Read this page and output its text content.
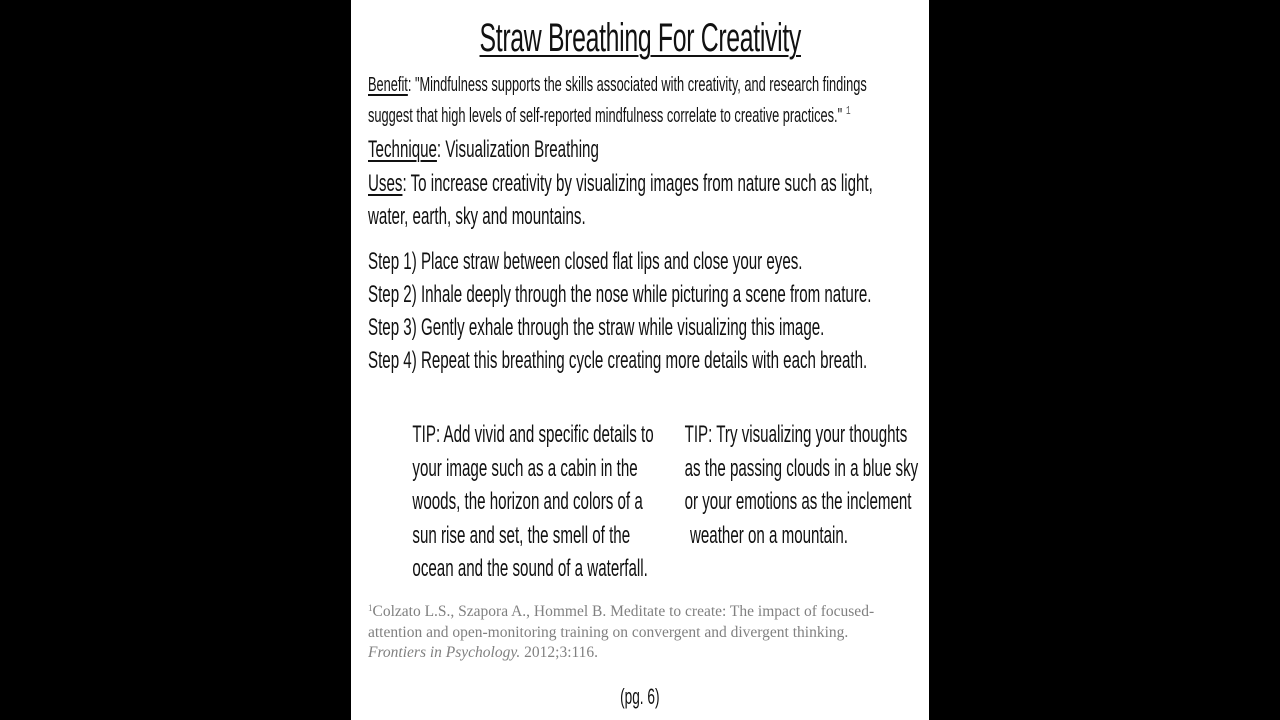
Straw Breathing For Creativity
Benefit: "Mindfulness supports the skills associated with creativity, and research findings
suggest that high levels of self-reported mindfulness correlate to creative practices." $^1$
Technique: Visualization Breathing
Uses: To increase creativity by visualizing images from nature such as light,
water, earth, sky and mountains.
Step 1) Place straw between closed flat lips and close your eyes.
Step 2) Inhale deeply through the nose while picturing a scene from nature.
Step 3) Gently exhale through the straw while visualizing this image.
Step 4) Repeat this breathing cycle creating more details with each breath.
TIP: Add vivid and specific details to
your image such as a cabin in the
woods, the horizon and colors of a
sun rise and set, the smell of the
ocean and the sound of a waterfall.
TIP: Try visualizing your thoughts
as the passing clouds in a blue sky
or your emotions as the inclement
weather on a mountain.
$^1$Colzato L.S., Szapora A., Hommel B. Meditate to create: The impact of focused-attention and open-monitoring training on convergent and divergent thinking. Frontiers in Psychology. 2012;3:116.
(pg. 6)
